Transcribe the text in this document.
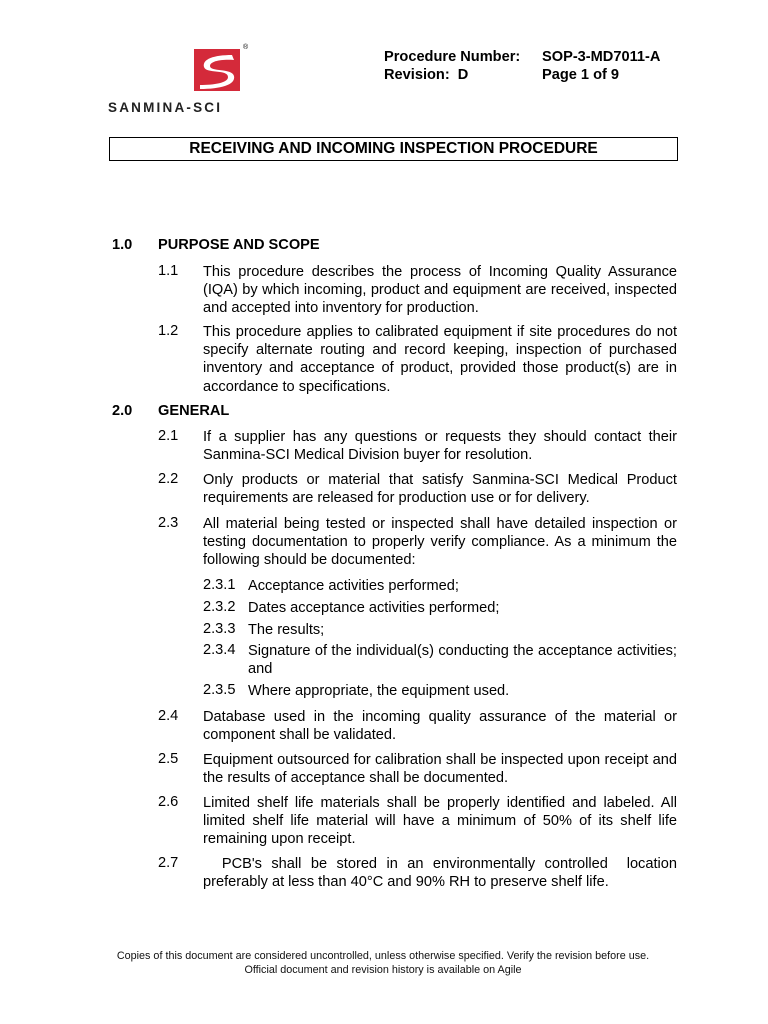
®
SANMINA-SCI
Procedure Number: SOP-3-MD7011-A
Revision:  D	Page 1 of 9
RECEIVING AND INCOMING INSPECTION PROCEDURE
1.0 PURPOSE AND SCOPE
1.1 This procedure describes the process of Incoming Quality Assurance (IQA) by which incoming, product and equipment are received, inspected and accepted into inventory for production.
1.2 This procedure applies to calibrated equipment if site procedures do not specify alternate routing and record keeping, inspection of purchased inventory and acceptance of product, provided those product(s) are in accordance to specifications.
2.0 GENERAL
2.1 If a supplier has any questions or requests they should contact their Sanmina-SCI Medical Division buyer for resolution.
2.2 Only products or material that satisfy Sanmina-SCI Medical Product requirements are released for production use or for delivery.
2.3 All material being tested or inspected shall have detailed inspection or testing documentation to properly verify compliance. As a minimum the following should be documented:
2.3.1 Acceptance activities performed;
2.3.2 Dates acceptance activities performed;
2.3.3 The results;
2.3.4 Signature of the individual(s) conducting the acceptance activities; and
2.3.5 Where appropriate, the equipment used.
2.4 Database used in the incoming quality assurance of the material or component shall be validated.
2.5 Equipment outsourced for calibration shall be inspected upon receipt and the results of acceptance shall be documented.
2.6 Limited shelf life materials shall be properly identified and labeled. All limited shelf life material will have a minimum of 50% of its shelf life remaining upon receipt.
2.7 PCB's shall be stored in an environmentally controlled  location preferably at less than 40°C and 90% RH to preserve shelf life.
Copies of this document are considered uncontrolled, unless otherwise specified. Verify the revision before use.
Official document and revision history is available on Agile
